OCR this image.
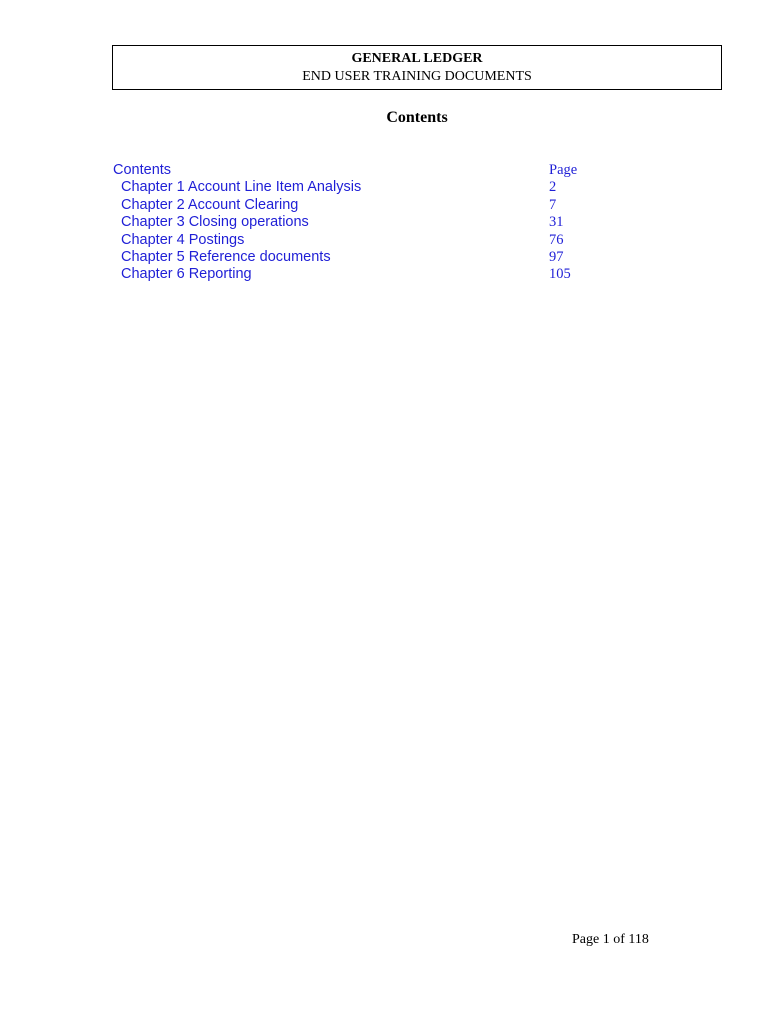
GENERAL LEDGER
END USER TRAINING DOCUMENTS
Contents
Contents	Page
Chapter 1 Account Line Item Analysis	2
Chapter 2 Account Clearing	7
Chapter 3 Closing operations	31
Chapter 4 Postings	76
Chapter 5 Reference documents	97
Chapter 6 Reporting	105
Page 1 of 118
